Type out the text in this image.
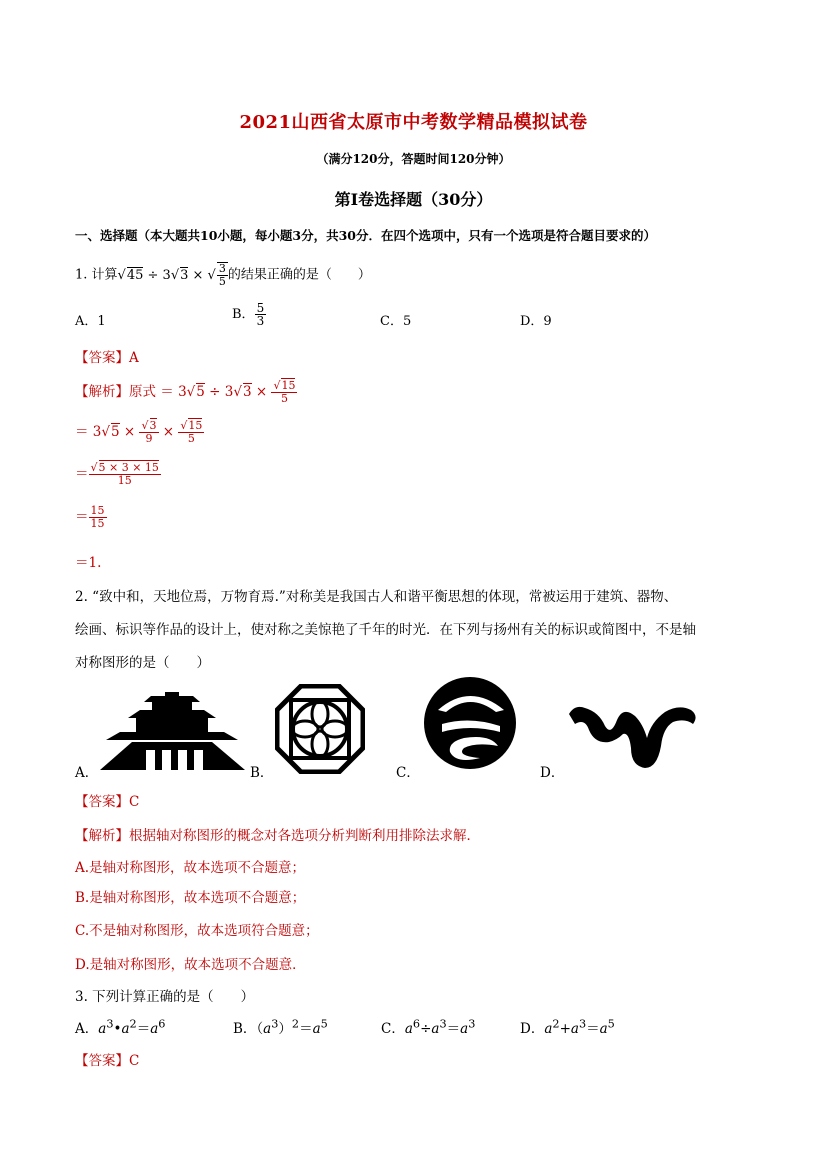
2021山西省太原市中考数学精品模拟试卷
（满分120分，答题时间120分钟）
第I卷选择题（30分）
一、选择题（本大题共10小题，每小题3分，共30分．在四个选项中，只有一个选项是符合题目要求的）
1. 计算√45 ÷ 3√3 × √ $\frac{3}{5}$ 的结果正确的是（　　）
A．1	B． $\frac{5}{3}$	C．5	D．9
【答案】A
【解析】原式 ＝ $3√5 \div 3√3 \times \frac{√15}{5}$
＝ $3√5 \times \frac{√3}{9} \times \frac{√15}{5}$
＝ $\frac{√5 \times 3 \times 15}{15}$
＝ $\frac{15}{15}$
＝1.
2. “致中和，天地位焉，万物育焉.”对称美是我国古人和谐平衡思想的体现，常被运用于建筑、器物、
绘画、标识等作品的设计上，使对称之美惊艳了千年的时光．在下列与扬州有关的标识或简图中，不是轴
对称图形的是（　　）
A．	B．	C．	D．
【答案】C
【解析】根据轴对称图形的概念对各选项分析判断利用排除法求解．
A.是轴对称图形，故本选项不合题意；
B.是轴对称图形，故本选项不合题意；
C.不是轴对称图形，故本选项符合题意；
D.是轴对称图形，故本选项不合题意．
3. 下列计算正确的是（　　）
A．$a^3•a^2=a^6$	B．$(a^3)^2=a^5$	C．$a^6\div a^3=a^3$	D．$a^2+a^3=a^5$
【答案】C
